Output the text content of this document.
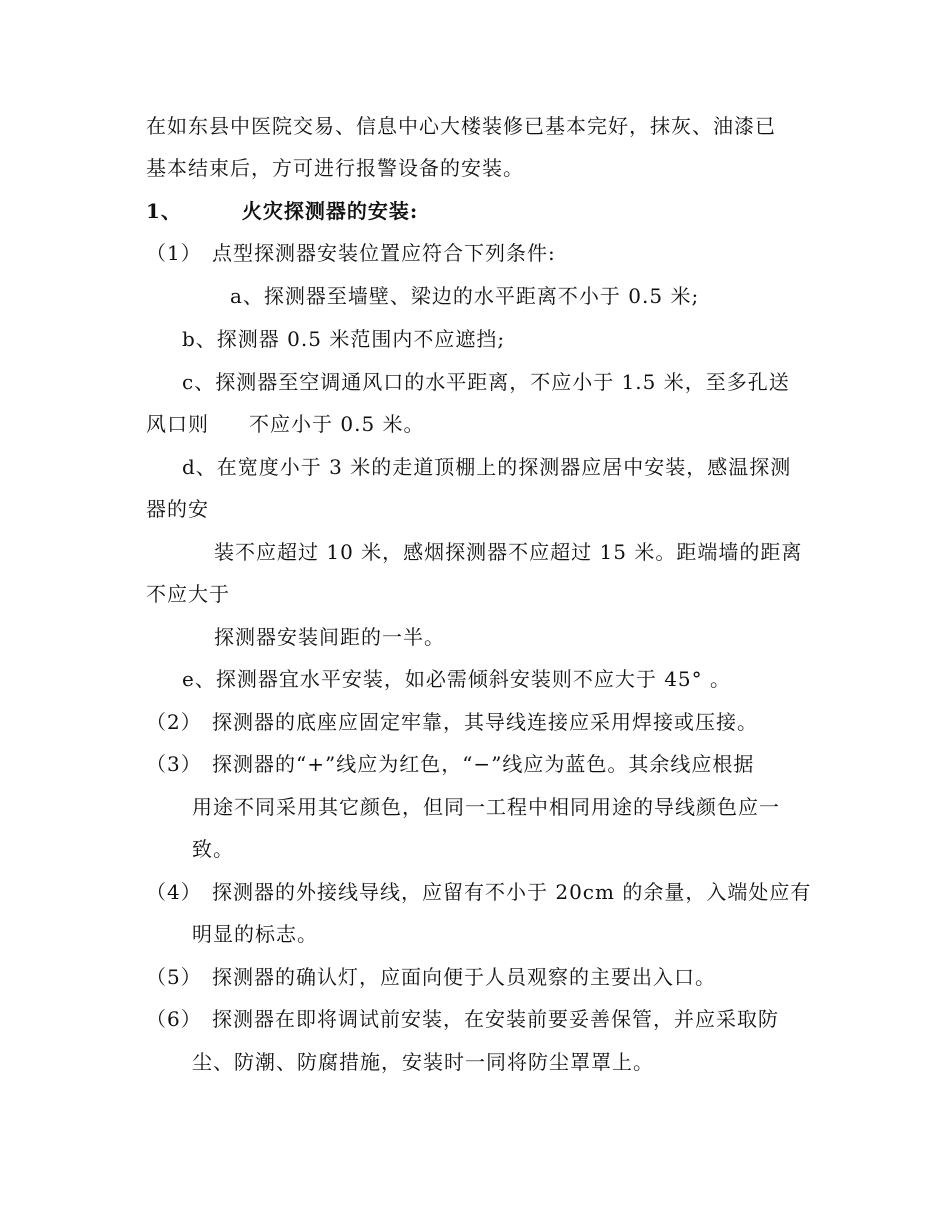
在如东县中医院交易、信息中心大楼装修已基本完好，抹灰、油漆已
基本结束后，方可进行报警设备的安装。
1、	火灾探测器的安装:
（1） 点型探测器安装位置应符合下列条件:
a、探测器至墙壁、梁边的水平距离不小于 0.5 米;
b、探测器 0.5 米范围内不应遮挡;
c、探测器至空调通风口的水平距离，不应小于 1.5 米，至多孔送
风口则 不应小于 0.5 米。
d、在宽度小于 3 米的走道顶棚上的探测器应居中安装，感温探测
器的安
装不应超过 10 米，感烟探测器不应超过 15 米。距端墙的距离
不应大于
探测器安装间距的一半。
e、探测器宜水平安装，如必需倾斜安装则不应大于 45° 。
（2） 探测器的底座应固定牢靠，其导线连接应采用焊接或压接。
（3） 探测器的“+”线应为红色，“−”线应为蓝色。其余线应根据
用途不同采用其它颜色，但同一工程中相同用途的导线颜色应一
致。
（4） 探测器的外接线导线，应留有不小于 20cm 的余量，入端处应有
明显的标志。
（5） 探测器的确认灯，应面向便于人员观察的主要出入口。
（6） 探测器在即将调试前安装，在安装前要妥善保管，并应采取防
尘、防潮、防腐措施，安装时一同将防尘罩罩上。
